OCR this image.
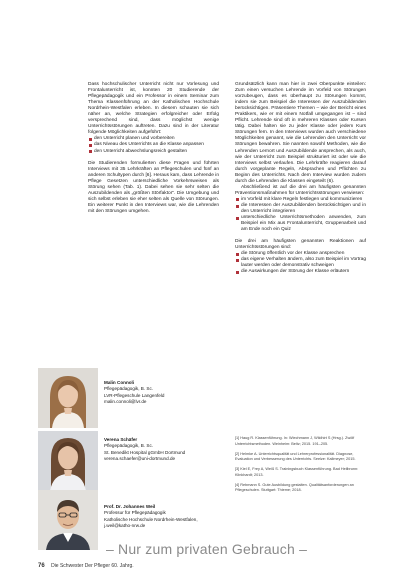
Dass hochschulischer Unterricht nicht nur Vorlesung und Frontalunterricht ist, konnten 20 Studierende der Pflegepädagogik und ein Professor in einem Seminar zum Thema Klassenführung an der Katholischen Hochschule Nordrhein-Westfalen erleben. In diesem schauten sie sich näher an, welche Strategien erfolgreicher oder Erfolg versprechend sind, dass möglichst wenige Unterrichtsstörungen auftreten. Dazu sind in der Literatur folgende Möglichkeiten aufgeführt:

den Unterricht planen und vorbereiten
das Niveau des Unterrichts an die Klasse anpassen
den Unterricht abwechslungsreich gestalten

Die Studierenden formulierten diese Fragen und führten Interviews mit 35 Lehrkräften an Pflegeschulen und fünf an anderen Schultypen durch [6]. Heraus kam, dass Lehrende in Pflege Gesetzen unterschiedliche Vorkehrsweisen als Störung sehen (Tab. 1). Dabei sehen sie sehr selten die Auszubildenden als „größten Störfaktor“. Die Umgebung und sich selbst erleben sie eher selten als Quelle von Störungen. Ein weiterer Punkt in den Interviews war, wie die Lehrenden mit den Störungen umgehen.

Grundsätzlich kann man hier in zwei Oberpunkte einteilen: Zum einen versuchen Lehrende im Vorfeld von Störungen vorzubeugen, dass es überhaupt zu Störungen kommt, indem sie zum Beispiel die Interessen der Auszubildenden berücksichtigen. Präsentiere Themen – wie der Bericht eines Praktikers, wie er mit einem Notfall umgegangen ist – sind Pflicht. Lehrende sind oft in mehreren Klassen oder Kursen tätig. Dabei halten sie zu jeder Klasse oder jedem Kurs Störungen fern. In den Interviews wurden auch verschiedene Möglichkeiten genannt, wie die Lehrenden den Unterricht vor Störungen bewahren. Sie nannten sowohl Methoden, wie die Lehrenden Lernort und Auszubildende ansprechen, als auch, wie der Unterricht zum Beispiel strukturiert ist oder wie die Interviews selbst verlaufen. Die Lehrkräfte reagieren darauf durch vorgeplante Regeln, Absprachen und Pflichten zu Beginn des Unterrichts. Nach dem Interview wurden zudem durch die Lehrenden die Klassen eingeteilt (6).

Abschließend ist auf die drei am häufigsten genannten Präventionsmaßnahmen für Unterrichtsstörungen verwiesen:

im Vorfeld mit klare Regeln festlegen und kommunizieren
die Interessen der Auszubildenden berücksichtigen und in den Unterricht integrieren
unterschiedliche Unterrichtsmethoden anwenden, zum Beispiel ein Mix aus Frontalunterricht, Gruppenarbeit und am Ende noch ein Quiz

Die drei am häufigsten genannten Reaktionen auf Unterrichtsstörungen sind:

die Störung öffentlich vor der Klasse ansprechen
das eigene Verhalten ändern, also zum Beispiel im Vortrag lauter werden oder demonstrativ schweigen
die Auswirkungen der Störung der Klasse erläutern
Malin Connoli
Pflegepädagogik, B. Sc.
LVR-Pflegeschule Langenfeld
malin.connoli@lvr.de
Verena Schäfer
Pflegepädagogik, B. Sc.
St. Benedikt Hospital gGmbH Dortmund
verena.schaefer@uni-dortmund.de
Prof. Dr. Johannes Weil
Professur für Pflegepädagogik
Katholische Hochschule Nordrhein-Westfalen,
j.weil@katho-nrw.de

[1] Haug R. Klassenführung. In: Wiechmann J, Wildhirt S (Hrsg.). Zwölf Unterrichtsmethoden. Weinheim: Beltz; 2015. 191–205.

[2] Helmke A. Unterrichtsqualität und Lehrerprofessionalität. Diagnose, Evaluation und Verbesserung des Unterrichts. Seelze: Kallmeyer; 2015.

[3] Kiel E, Frey A, Weiß S. Trainingsbuch Klassenführung. Bad Heilbrunn: Klinkhardt; 2013.

[4] Rebmann S. Gute Ausbildung gestalten. Qualitätsanforderungen an Pflegeschulen. Stuttgart: Thieme; 2018.

– Nur zum privaten Gebrauch –
76 Die Schwester Der Pfleger 60. Jahrg.
